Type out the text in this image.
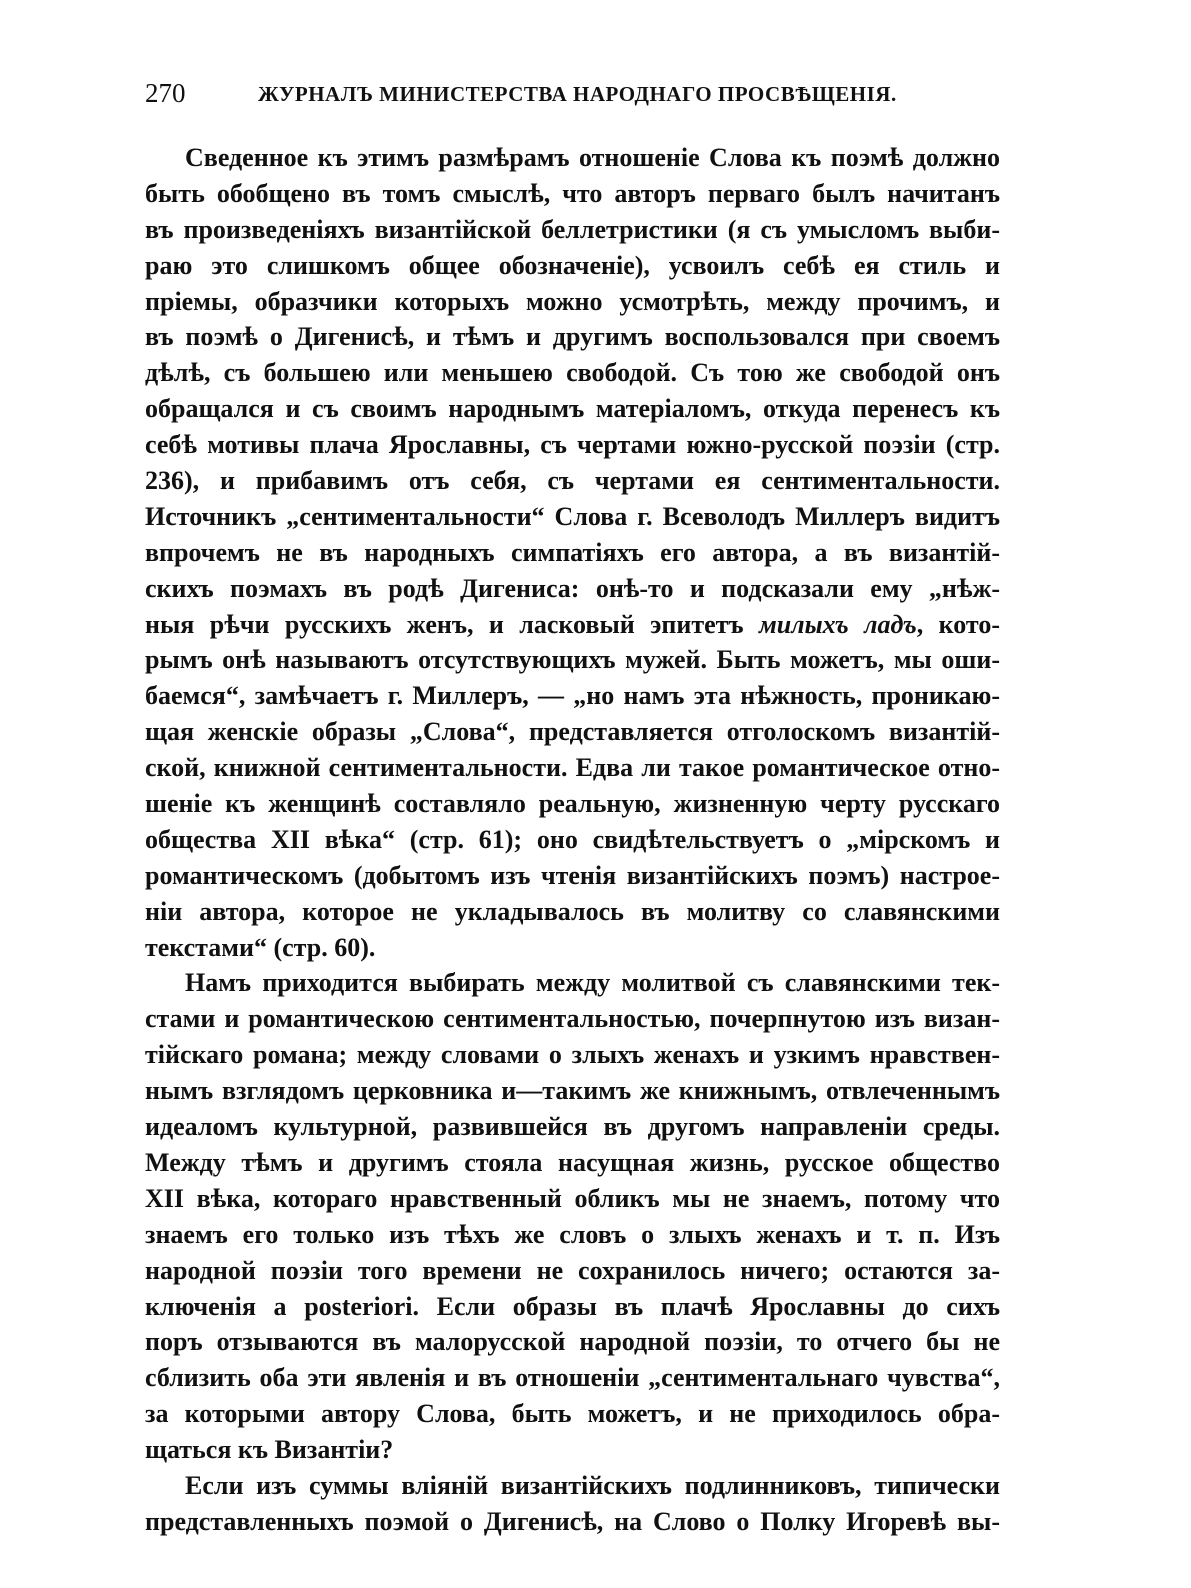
270	ЖУРНАЛЪ МИНИСТЕРСТВА НАРОДНАГО ПРОСВѢЩЕНІЯ.
Сведенное къ этимъ размѣрамъ отношеніе Слова къ поэмѣ должно
быть обобщено въ томъ смыслѣ, что авторъ перваго былъ начитанъ
въ произведеніяхъ византійской беллетристики (я съ умысломъ выби-
раю это слишкомъ общее обозначеніе), усвоилъ себѣ ея стиль и
пріемы, образчики которыхъ можно усмотрѣть, между прочимъ, и
въ поэмѣ о Дигенисѣ, и тѣмъ и другимъ воспользовался при своемъ
дѣлѣ, съ большею или меньшею свободой. Съ тою же свободой онъ
обращался и съ своимъ народнымъ матеріаломъ, откуда перенесъ къ
себѣ мотивы плача Ярославны, съ чертами южно-русской поэзіи (стр.
236), и прибавимъ отъ себя, съ чертами ея сентиментальности.
Источникъ „сентиментальности“ Слова г. Всеволодъ Миллеръ видитъ
впрочемъ не въ народныхъ симпатіяхъ его автора, а въ византій-
скихъ поэмахъ въ родѣ Дигениса: онѣ-то и подсказали ему „нѣж-
ныя рѣчи русскихъ женъ, и ласковый эпитетъ милыхъ ладъ, кото-
рымъ онѣ называютъ отсутствующихъ мужей. Быть можетъ, мы оши-
баемся“, замѣчаетъ г. Миллеръ, — „но намъ эта нѣжность, проникаю-
щая женскіе образы „Слова“, представляется отголоскомъ византій-
ской, книжной сентиментальности. Едва ли такое романтическое отно-
шеніе къ женщинѣ составляло реальную, жизненную черту русскаго
общества XII вѣка“ (стр. 61); оно свидѣтельствуетъ о „мірскомъ и
романтическомъ (добытомъ изъ чтенія византійскихъ поэмъ) настрое-
ніи автора, которое не укладывалось въ молитву со славянскими
текстами“ (стр. 60).
Намъ приходится выбирать между молитвой съ славянскими тек-
стами и романтическою сентиментальностью, почерпнутою изъ визан-
тійскаго романа; между словами о злыхъ женахъ и узкимъ нравствен-
нымъ взглядомъ церковника и—такимъ же книжнымъ, отвлеченнымъ
идеаломъ культурной, развившейся въ другомъ направленіи среды.
Между тѣмъ и другимъ стояла насущная жизнь, русское общество
XII вѣка, котораго нравственный обликъ мы не знаемъ, потому что
знаемъ его только изъ тѣхъ же словъ о злыхъ женахъ и т. п. Изъ
народной поэзіи того времени не сохранилось ничего; остаются за-
ключенія a posteriori. Если образы въ плачѣ Ярославны до сихъ
поръ отзываются въ малорусской народной поэзіи, то отчего бы не
сблизить оба эти явленія и въ отношеніи „сентиментальнаго чувства“,
за которыми автору Слова, быть можетъ, и не приходилось обра-
щаться къ Византіи?
Если изъ суммы вліяній византійскихъ подлинниковъ, типически
представленныхъ поэмой о Дигенисѣ, на Слово о Полку Игоревѣ вы-
